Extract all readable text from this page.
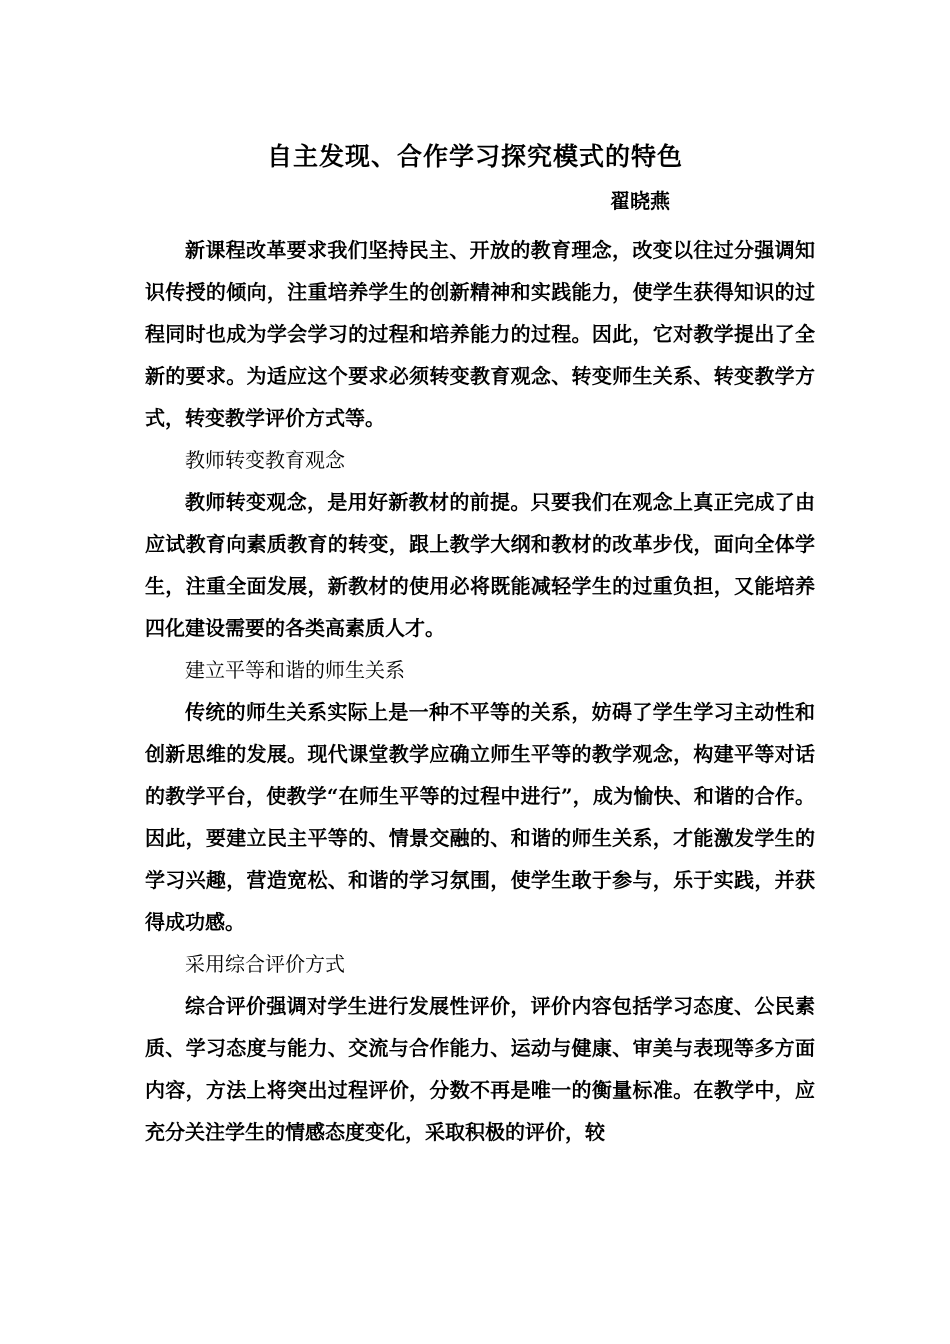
自主发现、合作学习探究模式的特色

翟晓燕

新课程改革要求我们坚持民主、开放的教育理念，改变以往过分强调知识传授的倾向，注重培养学生的创新精神和实践能力，使学生获得知识的过程同时也成为学会学习的过程和培养能力的过程。因此，它对教学提出了全新的要求。为适应这个要求必须转变教育观念、转变师生关系、转变教学方式，转变教学评价方式等。

教师转变教育观念

教师转变观念，是用好新教材的前提。只要我们在观念上真正完成了由应试教育向素质教育的转变，跟上教学大纲和教材的改革步伐，面向全体学生，注重全面发展，新教材的使用必将既能减轻学生的过重负担，又能培养四化建设需要的各类高素质人才。

建立平等和谐的师生关系

传统的师生关系实际上是一种不平等的关系，妨碍了学生学习主动性和创新思维的发展。现代课堂教学应确立师生平等的教学观念，构建平等对话的教学平台，使教学“在师生平等的过程中进行”，成为愉快、和谐的合作。因此，要建立民主平等的、情景交融的、和谐的师生关系，才能激发学生的学习兴趣，营造宽松、和谐的学习氛围，使学生敢于参与，乐于实践，并获得成功感。

采用综合评价方式

综合评价强调对学生进行发展性评价，评价内容包括学习态度、公民素质、学习态度与能力、交流与合作能力、运动与健康、审美与表现等多方面内容，方法上将突出过程评价，分数不再是唯一的衡量标准。在教学中，应充分关注学生的情感态度变化，采取积极的评价，较
